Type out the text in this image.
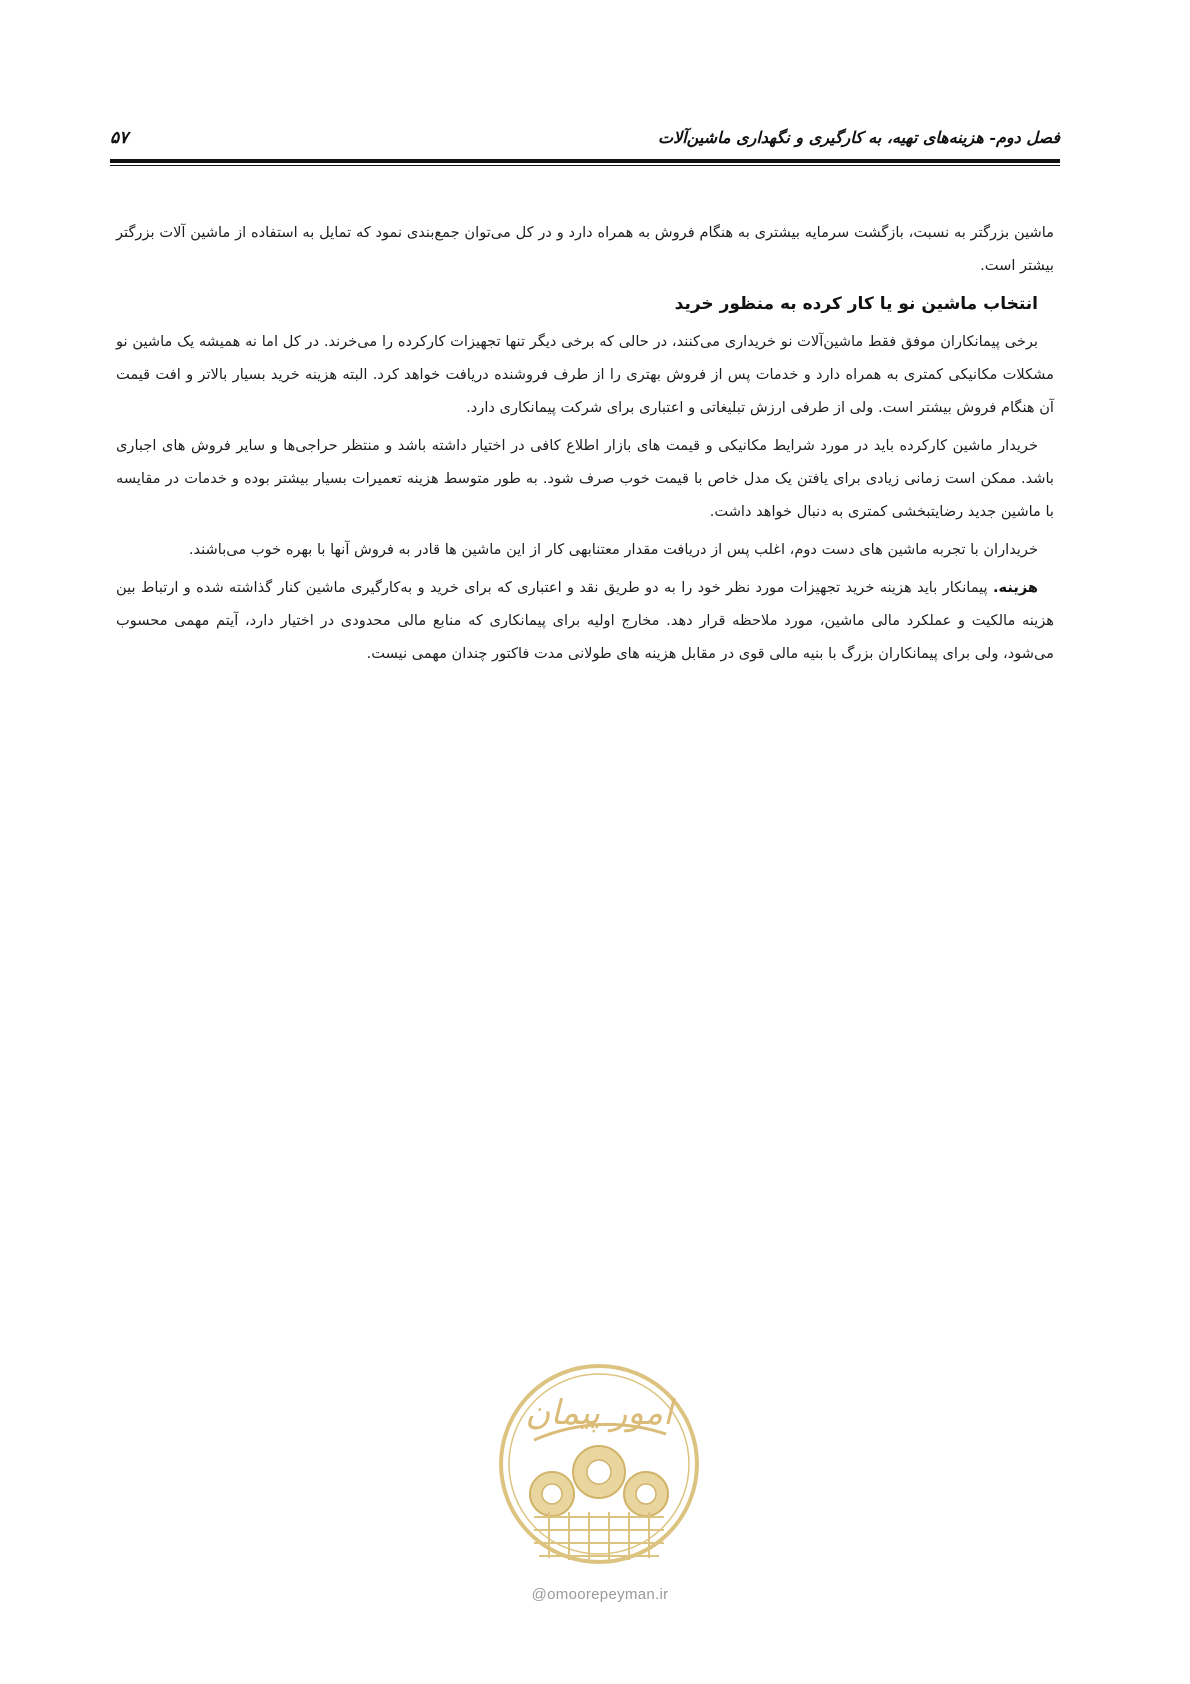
فصل دوم- هزینه‌های تهیه، به کارگیری و نگهداری ماشین‌آلات
۵۷

ماشین بزرگتر به نسبت، بازگشت سرمایه بیشتری به هنگام فروش به همراه دارد و در کل می‌توان جمع‌بندی نمود که تمایل به استفاده از ماشین آلات بزرگتر بیشتر است.

انتخاب ماشین نو یا کار کرده به منظور خرید

برخی پیمانکاران موفق فقط ماشین‌آلات نو خریداری می‌کنند، در حالی که برخی دیگر تنها تجهیزات کارکرده را می‌خرند. در کل اما نه همیشه یک ماشین نو مشکلات مکانیکی کمتری به همراه دارد و خدمات پس از فروش بهتری را از طرف فروشنده دریافت خواهد کرد. البته هزینه خرید بسیار بالاتر و افت قیمت آن هنگام فروش بیشتر است. ولی از طرفی ارزش تبلیغاتی و اعتباری برای شرکت پیمانکاری دارد.

خریدار ماشین کارکرده باید در مورد شرایط مکانیکی و قیمت های بازار اطلاع کافی در اختیار داشته باشد و منتظر حراجی‌ها و سایر فروش های اجباری باشد. ممکن است زمانی زیادی برای یافتن یک مدل خاص با قیمت خوب صرف شود. به طور متوسط هزینه تعمیرات بسیار بیشتر بوده و خدمات در مقایسه با ماشین جدید رضایتبخشی کمتری به دنبال خواهد داشت.

خریداران با تجربه ماشین های دست دوم، اغلب پس از دریافت مقدار معتنابهی کار از این ماشین ها قادر به فروش آنها با بهره خوب می‌باشند.

هزینه. پیمانکار باید هزینه خرید تجهیزات مورد نظر خود را به دو طریق نقد و اعتباری که برای خرید و به‌کارگیری ماشین کنار گذاشته شده و ارتباط بین هزینه مالکیت و عملکرد مالی ماشین، مورد ملاحظه قرار دهد. مخارج اولیه برای پیمانکاری که منابع مالی محدودی در اختیار دارد، آیتم مهمی محسوب می‌شود، ولی برای پیمانکاران بزرگ با بنیه مالی قوی در مقابل هزینه های طولانی مدت فاکتور چندان مهمی نیست.

امور پیمان
@omoorepeyman.ir
